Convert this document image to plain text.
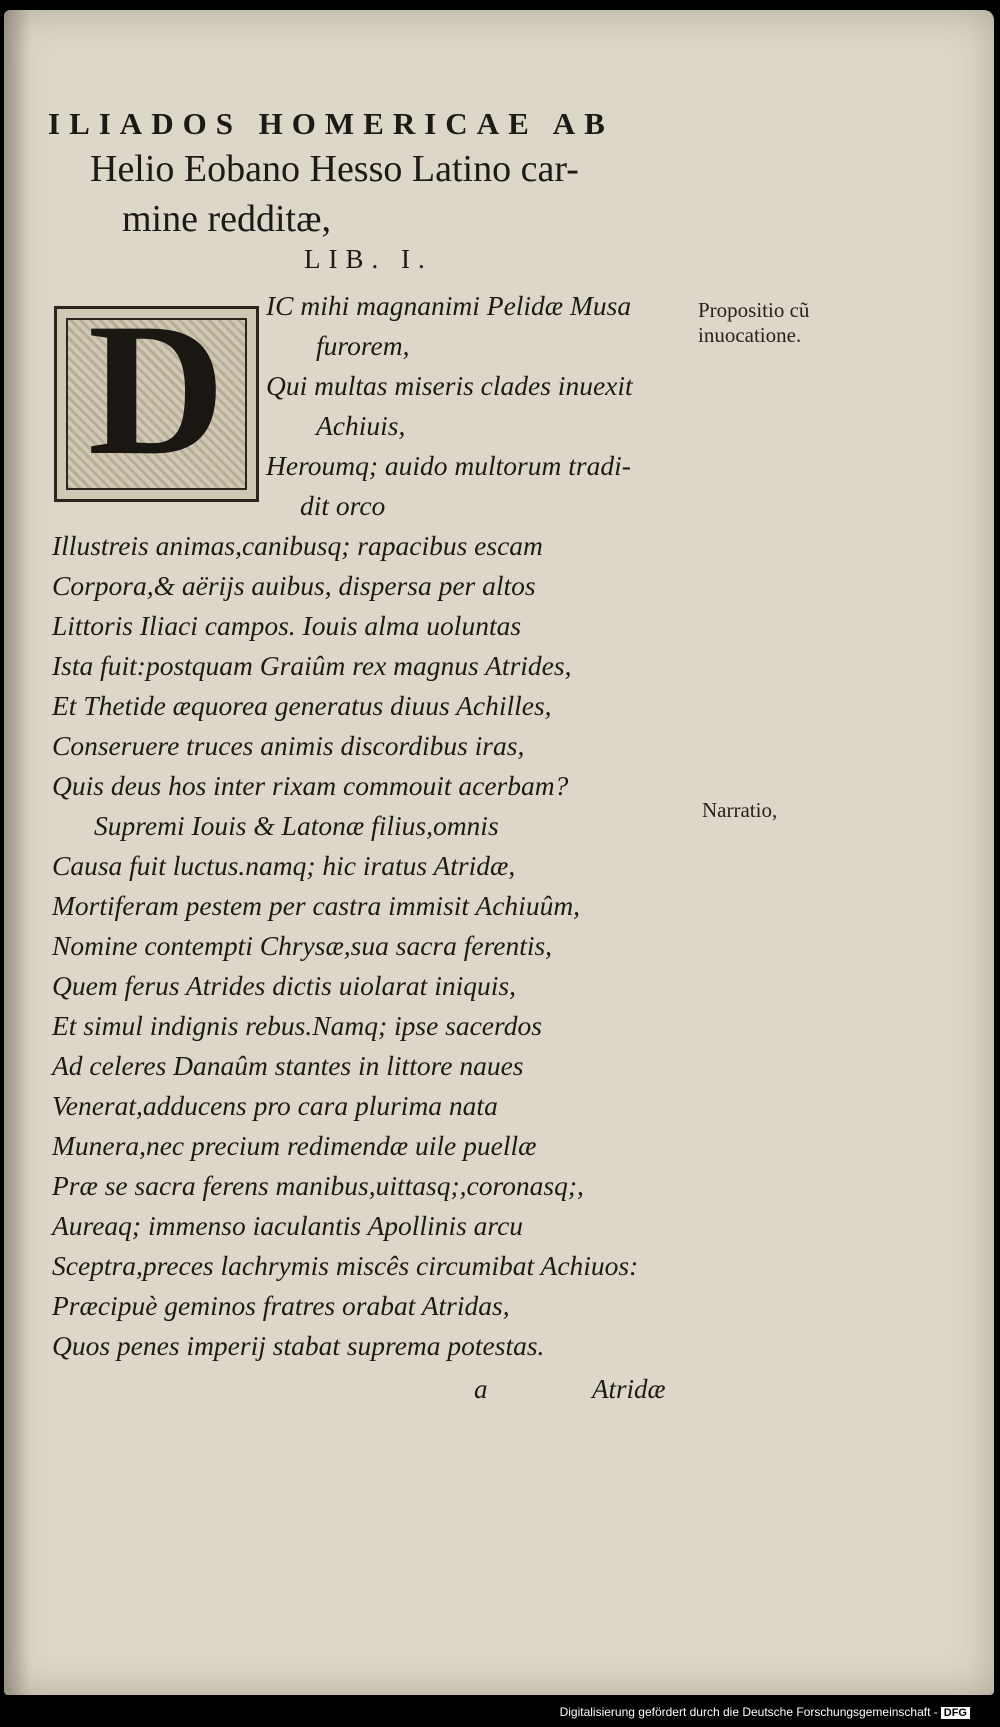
ILIADOS HOMERICAE AB
Helio Eobano Hesso Latino car-
mine redditæ,
LIB. I.
D	IC mihi magnanimi Pelidæ Musa
furorem,
Qui multas miseris clades inuexit
Achiuis,
Heroumq; auido multorum tradi-
dit orco
Illustreis animas,canibusq; rapacibus escam
Corpora,& aërijs auibus, dispersa per altos
Littoris Iliaci campos. Iouis alma uoluntas
Ista fuit:postquam Graiûm rex magnus Atrides,
Et Thetide æquorea generatus diuus Achilles,
Conseruere truces animis discordibus iras,
Quis deus hos inter rixam commouit acerbam?
Supremi Iouis & Latonæ filius,omnis
Causa fuit luctus.namq; hic iratus Atridæ,
Mortiferam pestem per castra immisit Achiuûm,
Nomine contempti Chrysæ,sua sacra ferentis,
Quem ferus Atrides dictis uiolarat iniquis,
Et simul indignis rebus.Namq; ipse sacerdos
Ad celeres Danaûm stantes in littore naues
Venerat,adducens pro cara plurima nata
Munera,nec precium redimendæ uile puellæ
Præ se sacra ferens manibus,uittasq;,coronasq;,
Aureaq; immenso iaculantis Apollinis arcu
Sceptra,preces lachrymis miscês circumibat Achiuos:
Præcipuè geminos fratres orabat Atridas,
Quos penes imperij stabat suprema potestas.
Propositio cũ
inuocatione.
Narratio,
a	Atridæ
Digitalisierung gefördert durch die Deutsche Forschungsgemeinschaft - DFG
